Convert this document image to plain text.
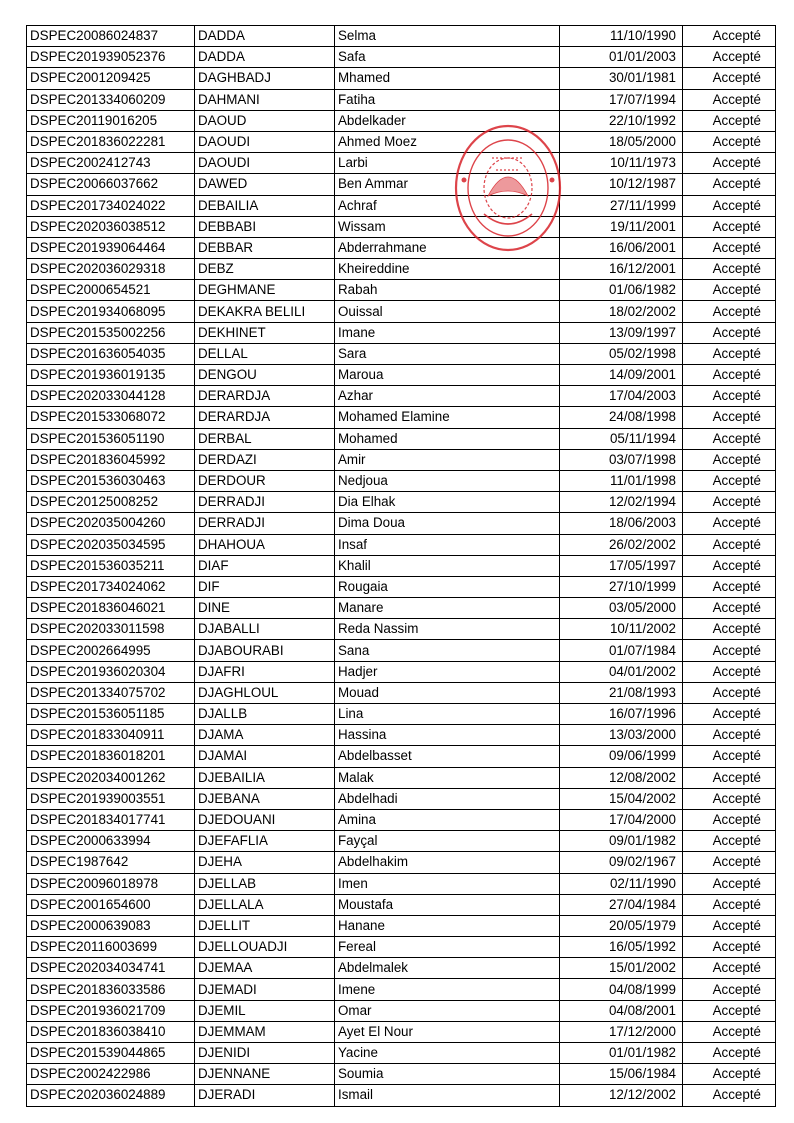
DSPEC20086024837	DADDA	Selma	11/10/1990	Accepté
DSPEC201939052376	DADDA	Safa	01/01/2003	Accepté
DSPEC2001209425	DAGHBADJ	Mhamed	30/01/1981	Accepté
DSPEC201334060209	DAHMANI	Fatiha	17/07/1994	Accepté
DSPEC20119016205	DAOUD	Abdelkader	22/10/1992	Accepté
DSPEC201836022281	DAOUDI	Ahmed Moez	18/05/2000	Accepté
DSPEC2002412743	DAOUDI	Larbi	10/11/1973	Accepté
DSPEC20066037662	DAWED	Ben Ammar	10/12/1987	Accepté
DSPEC201734024022	DEBAILIA	Achraf	27/11/1999	Accepté
DSPEC202036038512	DEBBABI	Wissam	19/11/2001	Accepté
DSPEC201939064464	DEBBAR	Abderrahmane	16/06/2001	Accepté
DSPEC202036029318	DEBZ	Kheireddine	16/12/2001	Accepté
DSPEC2000654521	DEGHMANE	Rabah	01/06/1982	Accepté
DSPEC201934068095	DEKAKRA BELILI	Ouissal	18/02/2002	Accepté
DSPEC201535002256	DEKHINET	Imane	13/09/1997	Accepté
DSPEC201636054035	DELLAL	Sara	05/02/1998	Accepté
DSPEC201936019135	DENGOU	Maroua	14/09/2001	Accepté
DSPEC202033044128	DERARDJA	Azhar	17/04/2003	Accepté
DSPEC201533068072	DERARDJA	Mohamed Elamine	24/08/1998	Accepté
DSPEC201536051190	DERBAL	Mohamed	05/11/1994	Accepté
DSPEC201836045992	DERDAZI	Amir	03/07/1998	Accepté
DSPEC201536030463	DERDOUR	Nedjoua	11/01/1998	Accepté
DSPEC20125008252	DERRADJI	Dia Elhak	12/02/1994	Accepté
DSPEC202035004260	DERRADJI	Dima Doua	18/06/2003	Accepté
DSPEC202035034595	DHAHOUA	Insaf	26/02/2002	Accepté
DSPEC201536035211	DIAF	Khalil	17/05/1997	Accepté
DSPEC201734024062	DIF	Rougaia	27/10/1999	Accepté
DSPEC201836046021	DINE	Manare	03/05/2000	Accepté
DSPEC202033011598	DJABALLI	Reda Nassim	10/11/2002	Accepté
DSPEC2002664995	DJABOURABI	Sana	01/07/1984	Accepté
DSPEC201936020304	DJAFRI	Hadjer	04/01/2002	Accepté
DSPEC201334075702	DJAGHLOUL	Mouad	21/08/1993	Accepté
DSPEC201536051185	DJALLB	Lina	16/07/1996	Accepté
DSPEC201833040911	DJAMA	Hassina	13/03/2000	Accepté
DSPEC201836018201	DJAMAI	Abdelbasset	09/06/1999	Accepté
DSPEC202034001262	DJEBAILIA	Malak	12/08/2002	Accepté
DSPEC201939003551	DJEBANA	Abdelhadi	15/04/2002	Accepté
DSPEC201834017741	DJEDOUANI	Amina	17/04/2000	Accepté
DSPEC2000633994	DJEFAFLIA	Fayçal	09/01/1982	Accepté
DSPEC1987642	DJEHA	Abdelhakim	09/02/1967	Accepté
DSPEC20096018978	DJELLAB	Imen	02/11/1990	Accepté
DSPEC2001654600	DJELLALA	Moustafa	27/04/1984	Accepté
DSPEC2000639083	DJELLIT	Hanane	20/05/1979	Accepté
DSPEC20116003699	DJELLOUADJI	Fereal	16/05/1992	Accepté
DSPEC202034034741	DJEMAA	Abdelmalek	15/01/2002	Accepté
DSPEC201836033586	DJEMADI	Imene	04/08/1999	Accepté
DSPEC201936021709	DJEMIL	Omar	04/08/2001	Accepté
DSPEC201836038410	DJEMMAM	Ayet El Nour	17/12/2000	Accepté
DSPEC201539044865	DJENIDI	Yacine	01/01/1982	Accepté
DSPEC2002422986	DJENNANE	Soumia	15/06/1984	Accepté
DSPEC202036024889	DJERADI	Ismail	12/12/2002	Accepté
